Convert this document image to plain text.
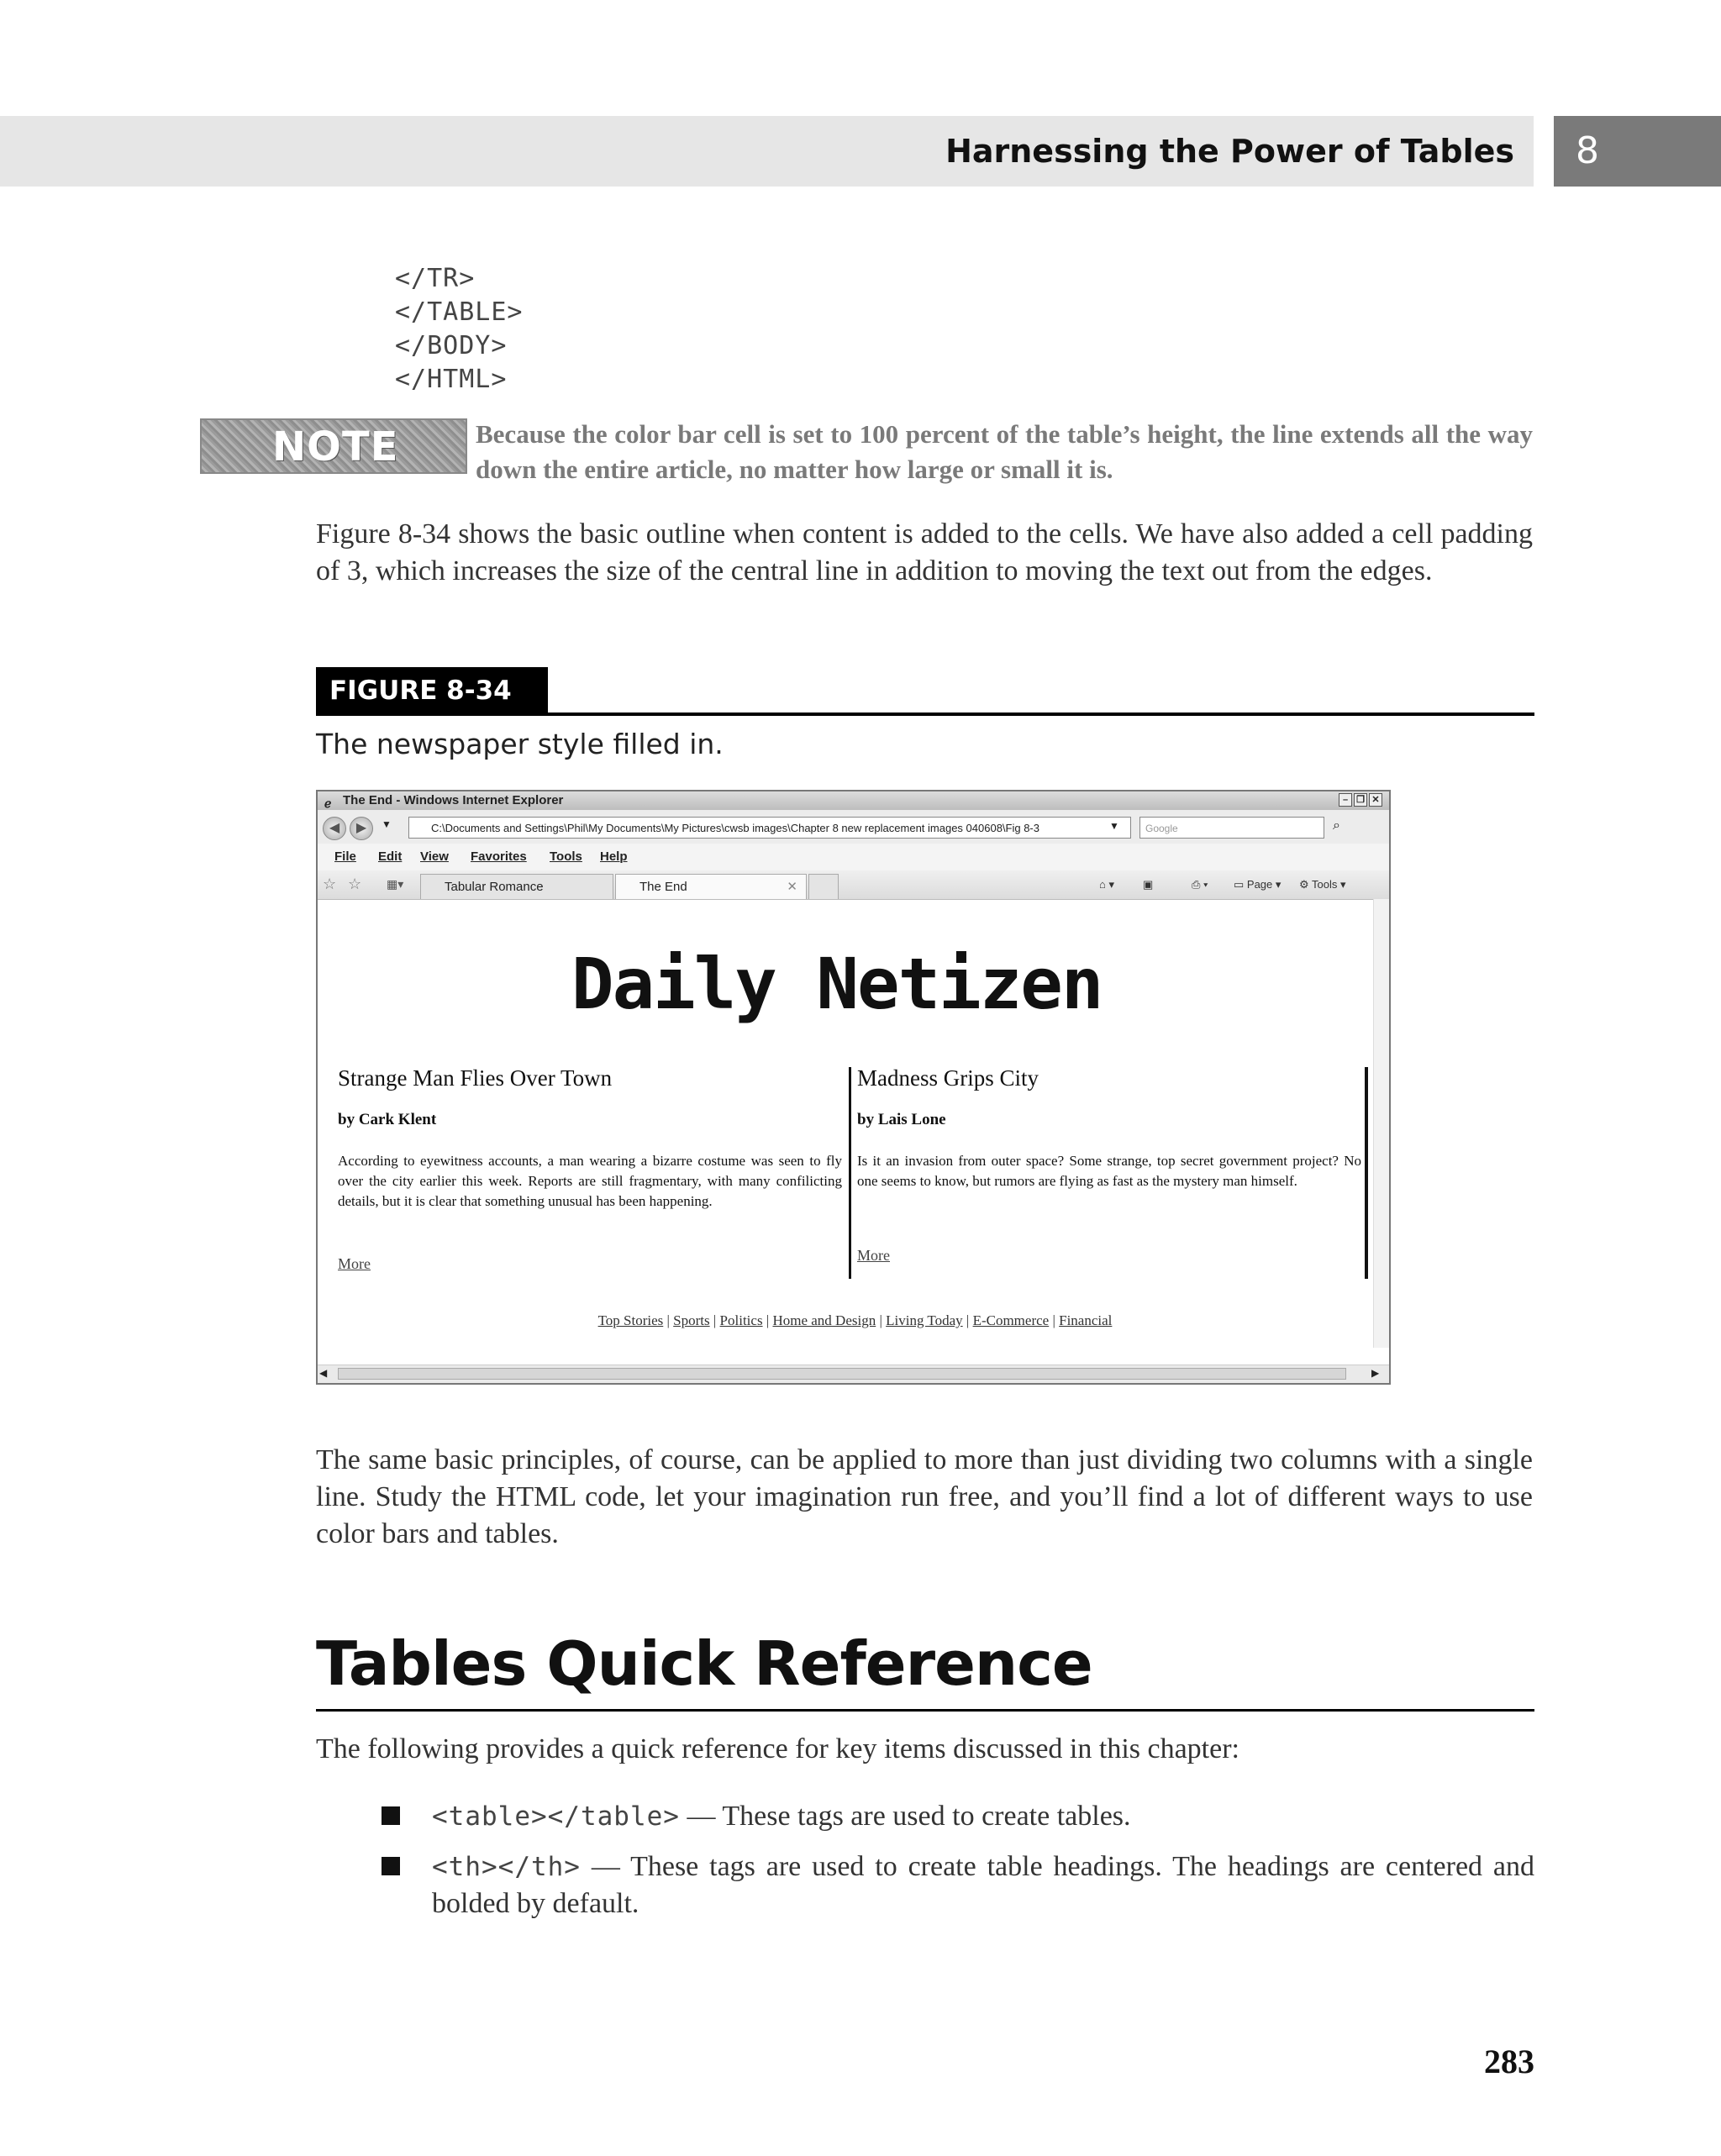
Harnessing the Power of Tables	8
</TR>
</TABLE>
</BODY>
</HTML>
NOTE	Because the color bar cell is set to 100 percent of the table’s height, the line extends all the way down the entire article, no matter how large or small it is.
Figure 8-34 shows the basic outline when content is added to the cells. We have also added a cell padding of 3, which increases the size of the central line in addition to moving the text out from the edges.
FIGURE 8-34
The newspaper style filled in.
ℯ The End - Windows Internet Explorer	– ❐ ✕
◀	▶	▼	C:\Documents and Settings\Phil\My Documents\My Pictures\cwsb images\Chapter 8 new replacement images 040608\Fig 8-3	▼	Google	⌕
File Edit View Favorites Tools Help
☆ ☆ ▦▾	Tabular Romance	The End	✕	⌂ ▾	▣	⎙ ▾ ▭ Page ▾ ⚙ Tools ▾
Daily Netizen
Strange Man Flies Over Town
by Cark Klent
According to eyewitness accounts, a man wearing a bizarre costume was seen to fly over the city earlier this week. Reports are still fragmentary, with many confilicting details, but it is clear that something unusual has been happening.
More
Madness Grips City
by Lais Lone
Is it an invasion from outer space? Some strange, top secret government project? No one seems to know, but rumors are flying as fast as the mystery man himself.
More
Top Stories | Sports | Politics | Home and Design | Living Today | E-Commerce | Financial
◀	▶
The same basic principles, of course, can be applied to more than just dividing two columns with a single line. Study the HTML code, let your imagination run free, and you’ll find a lot of different ways to use color bars and tables.
Tables Quick Reference
The following provides a quick reference for key items discussed in this chapter:
<table></table> — These tags are used to create tables.
<th></th> — These tags are used to create table headings. The headings are centered and bolded by default.
283
